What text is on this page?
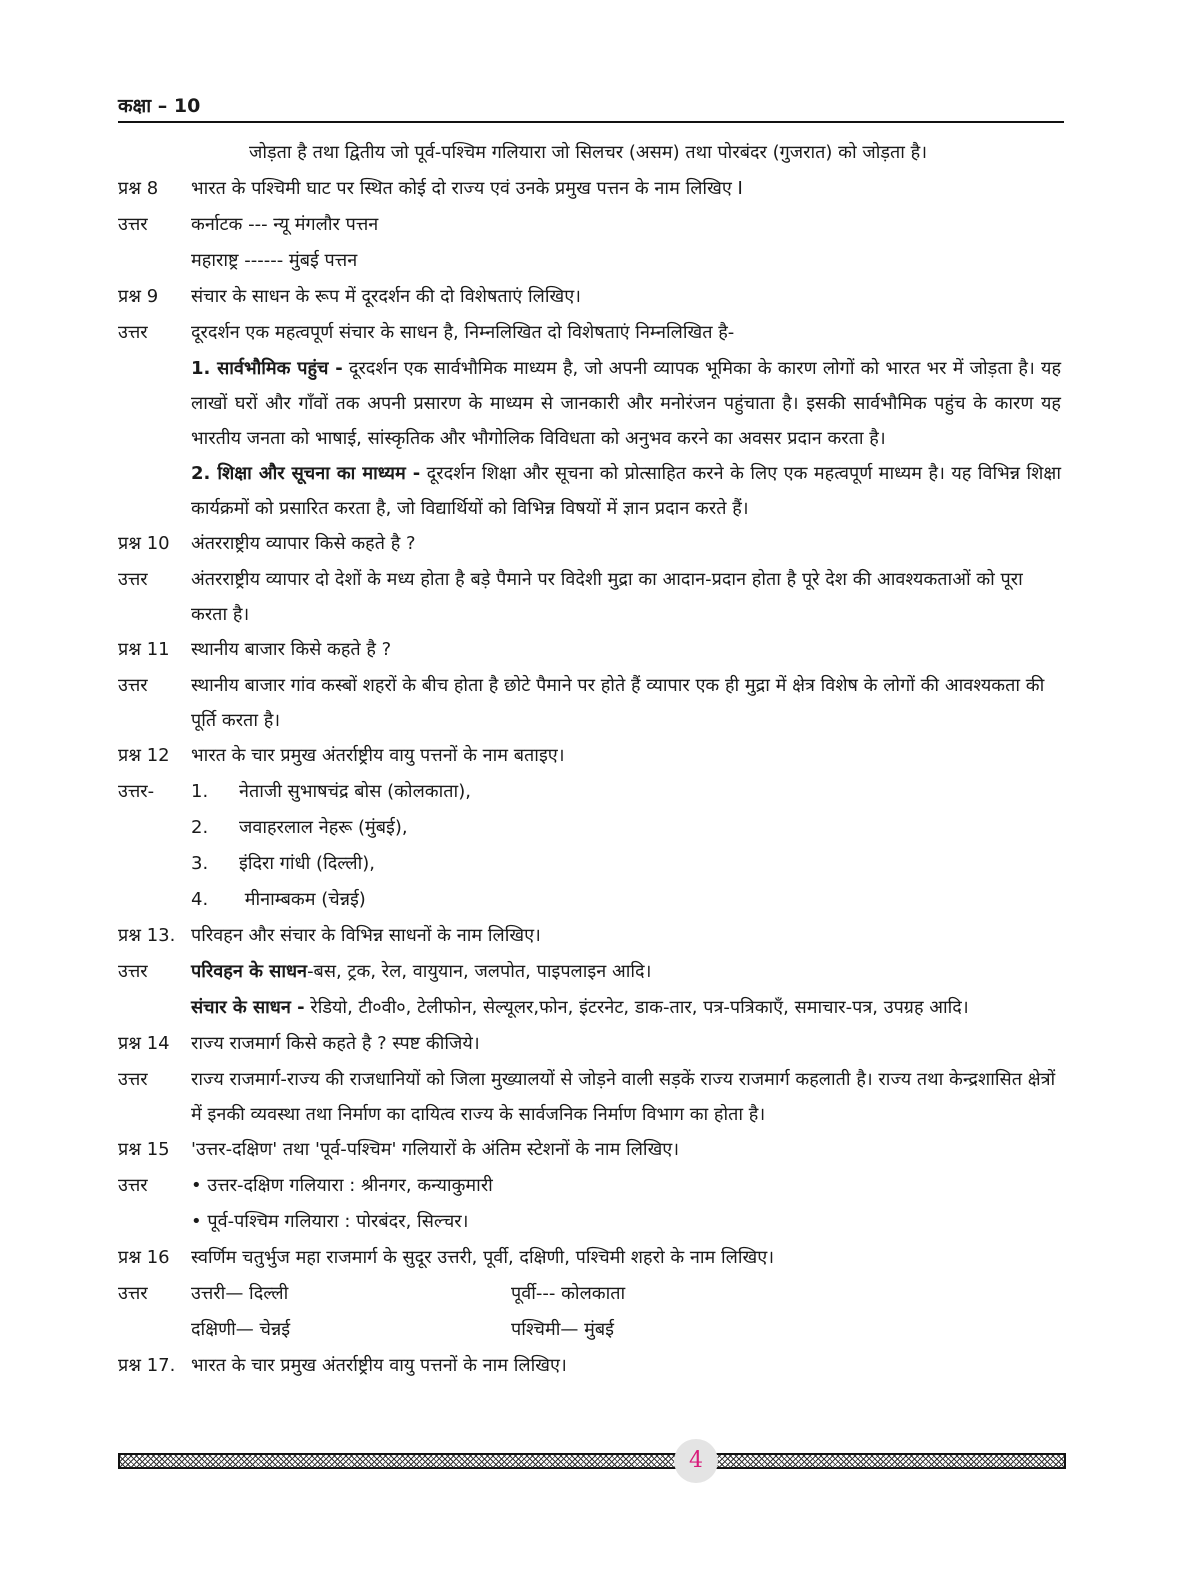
कक्षा – 10
जोड़ता है तथा द्वितीय जो पूर्व-पश्चिम गलियारा जो सिलचर (असम) तथा पोरबंदर (गुजरात) को जोड़ता है।
प्रश्न 8	भारत के पश्चिमी घाट पर स्थित कोई दो राज्य एवं उनके प्रमुख पत्तन के नाम लिखिए I
उत्तर	कर्नाटक --- न्यू मंगलौर पत्तन
महाराष्ट्र ------ मुंबई पत्तन
प्रश्न 9	संचार के साधन के रूप में दूरदर्शन की दो विशेषताएं लिखिए।
उत्तर	दूरदर्शन एक महत्वपूर्ण संचार के साधन है, निम्नलिखित दो विशेषताएं निम्नलिखित है-
1. सार्वभौमिक पहुंच - दूरदर्शन एक सार्वभौमिक माध्यम है, जो अपनी व्यापक भूमिका के कारण लोगों को भारत भर में जोड़ता है। यह लाखों घरों और गाँवों तक अपनी प्रसारण के माध्यम से जानकारी और मनोरंजन पहुंचाता है। इसकी सार्वभौमिक पहुंच के कारण यह भारतीय जनता को भाषाई, सांस्कृतिक और भौगोलिक विविधता को अनुभव करने का अवसर प्रदान करता है।
2. शिक्षा और सूचना का माध्यम - दूरदर्शन शिक्षा और सूचना को प्रोत्साहित करने के लिए एक महत्वपूर्ण माध्यम है। यह विभिन्न शिक्षा कार्यक्रमों को प्रसारित करता है, जो विद्यार्थियों को विभिन्न विषयों में ज्ञान प्रदान करते हैं।
प्रश्न 10	अंतरराष्ट्रीय व्यापार किसे कहते है ?
उत्तर	अंतरराष्ट्रीय व्यापार दो देशों के मध्य होता है बड़े पैमाने पर विदेशी मुद्रा का आदान-प्रदान होता है पूरे देश की आवश्यकताओं को पूरा करता है।
प्रश्न 11	स्थानीय बाजार किसे कहते है ?
उत्तर	स्थानीय बाजार गांव कस्बों शहरों के बीच होता है छोटे पैमाने पर होते हैं व्यापार एक ही मुद्रा में क्षेत्र विशेष के लोगों की आवश्यकता की पूर्ति करता है।
प्रश्न 12	भारत के चार प्रमुख अंतर्राष्ट्रीय वायु पत्तनों के नाम बताइए।
उत्तर-	1. नेताजी सुभाषचंद्र बोस (कोलकाता),
2. जवाहरलाल नेहरू (मुंबई),
3. इंदिरा गांधी (दिल्ली),
4. मीनाम्बकम (चेन्नई)
प्रश्न 13. परिवहन और संचार के विभिन्न साधनों के नाम लिखिए।
उत्तर	परिवहन के साधन-बस, ट्रक, रेल, वायुयान, जलपोत, पाइपलाइन आदि।
संचार के साधन - रेडियो, टी०वी०, टेलीफोन, सेल्यूलर,फोन, इंटरनेट, डाक-तार, पत्र-पत्रिकाएँ, समाचार-पत्र, उपग्रह आदि।
प्रश्न 14	राज्य राजमार्ग किसे कहते है ? स्पष्ट कीजिये।
उत्तर	राज्य राजमार्ग-राज्य की राजधानियों को जिला मुख्यालयों से जोड़ने वाली सड़कें राज्य राजमार्ग कहलाती है। राज्य तथा केन्द्रशासित क्षेत्रों में इनकी व्यवस्था तथा निर्माण का दायित्व राज्य के सार्वजनिक निर्माण विभाग का होता है।
प्रश्न 15	'उत्तर-दक्षिण' तथा 'पूर्व-पश्चिम' गलियारों के अंतिम स्टेशनों के नाम लिखिए।
उत्तर	• उत्तर-दक्षिण गलियारा : श्रीनगर, कन्याकुमारी
• पूर्व-पश्चिम गलियारा : पोरबंदर, सिल्चर।
प्रश्न 16	स्वर्णिम चतुर्भुज महा राजमार्ग के सुदूर उत्तरी, पूर्वी, दक्षिणी, पश्चिमी शहरो के नाम लिखिए।
उत्तर	उत्तरी— दिल्ली	पूर्वी--- कोलकाता
दक्षिणी— चेन्नई	पश्चिमी— मुंबई
प्रश्न 17. भारत के चार प्रमुख अंतर्राष्ट्रीय वायु पत्तनों के नाम लिखिए।
4
